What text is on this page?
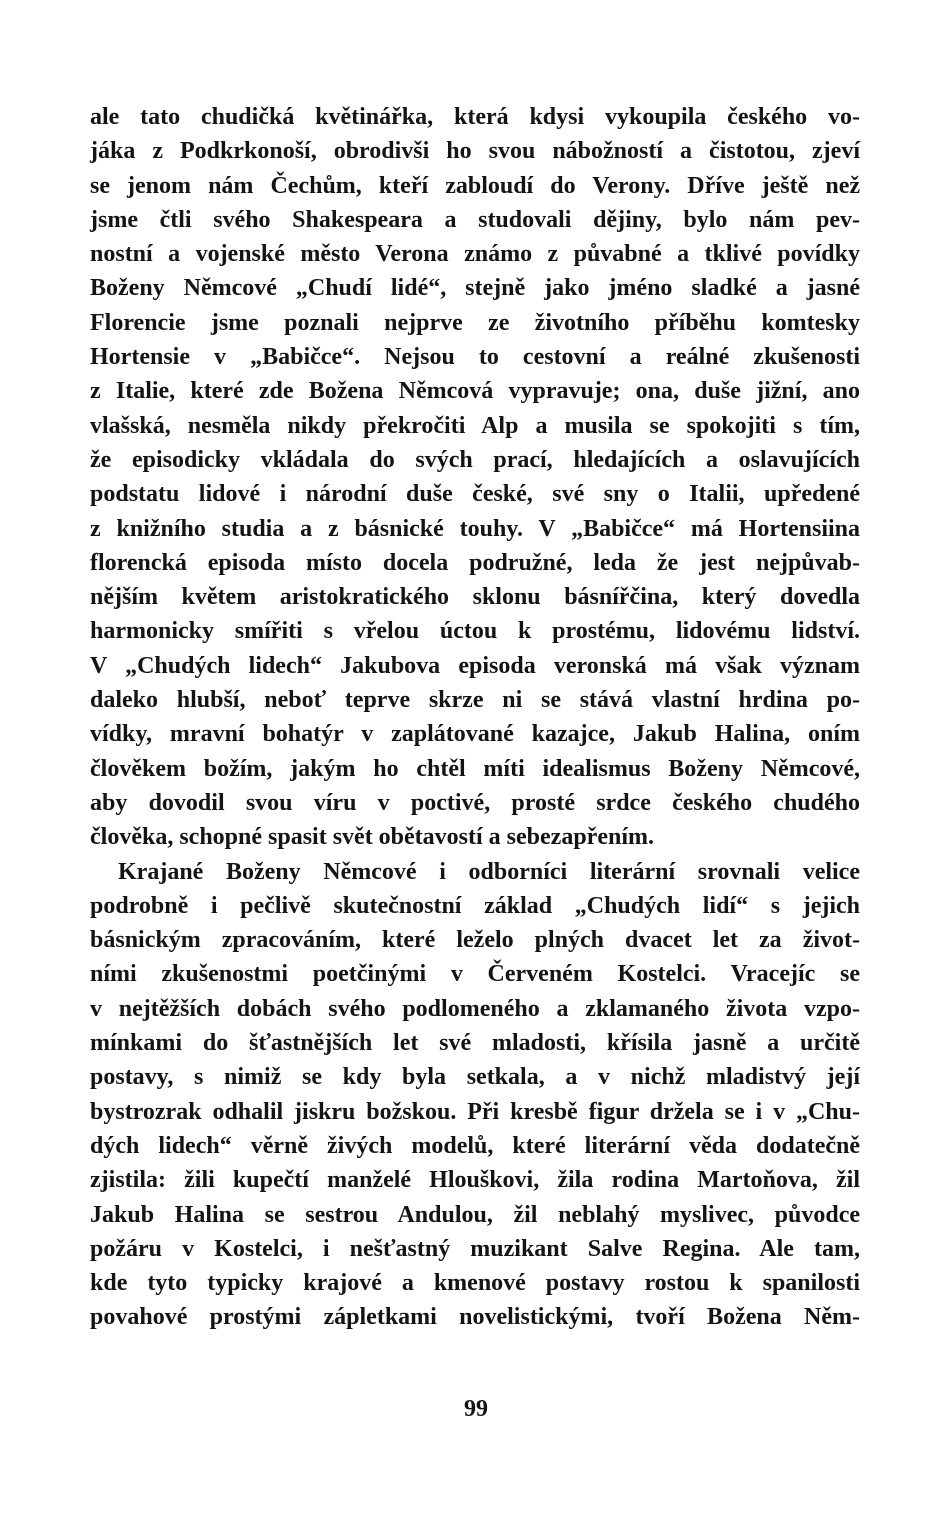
ale tato chudičká květinářka, která kdysi vykoupila českého vo-
jáka z Podkrkonoší, obrodivši ho svou nábožností a čistotou, zjeví
se jenom nám Čechům, kteří zabloudí do Verony. Dříve ještě než
jsme čtli svého Shakespeara a studovali dějiny, bylo nám pev-
nostní a vojenské město Verona známo z půvabné a tklivé povídky
Boženy Němcové „Chudí lidé“, stejně jako jméno sladké a jasné
Florencie jsme poznali nejprve ze životního příběhu komtesky
Hortensie v „Babičce“. Nejsou to cestovní a reálné zkušenosti
z Italie, které zde Božena Němcová vypravuje; ona, duše jižní, ano
vlašská, nesměla nikdy překročiti Alp a musila se spokojiti s tím,
že episodicky vkládala do svých prací, hledajících a oslavujících
podstatu lidové i národní duše české, své sny o Italii, upředené
z knižního studia a z básnické touhy. V „Babičce“ má Hortensiina
florencká episoda místo docela podružné, leda že jest nejpůvab-
nějším květem aristokratického sklonu básnířčina, který dovedla
harmonicky smířiti s vřelou úctou k prostému, lidovému lidství.
V „Chudých lidech“ Jakubova episoda veronská má však význam
daleko hlubší, neboť teprve skrze ni se stává vlastní hrdina po-
vídky, mravní bohatýr v zaplátované kazajce, Jakub Halina, oním
člověkem božím, jakým ho chtěl míti idealismus Boženy Němcové,
aby dovodil svou víru v poctivé, prosté srdce českého chudého
člověka, schopné spasit svět obětavostí a sebezapřením.
Krajané Boženy Němcové i odborníci literární srovnali velice
podrobně i pečlivě skutečnostní základ „Chudých lidí“ s jejich
básnickým zpracováním, které leželo plných dvacet let za život-
ními zkušenostmi poetčinými v Červeném Kostelci. Vracejíc se
v nejtěžších dobách svého podlomeného a zklamaného života vzpo-
mínkami do šťastnějších let své mladosti, křísila jasně a určitě
postavy, s nimiž se kdy byla setkala, a v nichž mladistvý její
bystrozrak odhalil jiskru božskou. Při kresbě figur držela se i v „Chu-
dých lidech“ věrně živých modelů, které literární věda dodatečně
zjistila: žili kupečtí manželé Hlouškovi, žila rodina Martoňova, žil
Jakub Halina se sestrou Andulou, žil neblahý myslivec, původce
požáru v Kostelci, i nešťastný muzikant Salve Regina. Ale tam,
kde tyto typicky krajové a kmenové postavy rostou k spanilosti
povahové prostými zápletkami novelistickými, tvoří Božena Něm-
99
